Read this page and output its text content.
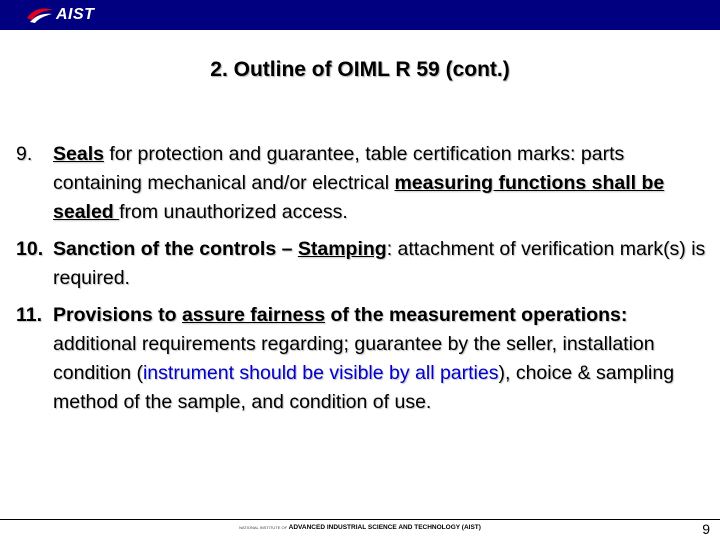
AIST
2. Outline of OIML R 59 (cont.)
9. Seals for protection and guarantee, table certification marks: parts containing mechanical and/or electrical measuring functions shall be sealed from unauthorized access.
10. Sanction of the controls – Stamping: attachment of verification mark(s) is required.
11. Provisions to assure fairness of the measurement operations: additional requirements regarding; guarantee by the seller, installation condition (instrument should be visible by all parties), choice & sampling method of the sample, and condition of use.
NATIONAL INSTITUTE OF ADVANCED INDUSTRIAL SCIENCE AND TECHNOLOGY (AIST)	9
